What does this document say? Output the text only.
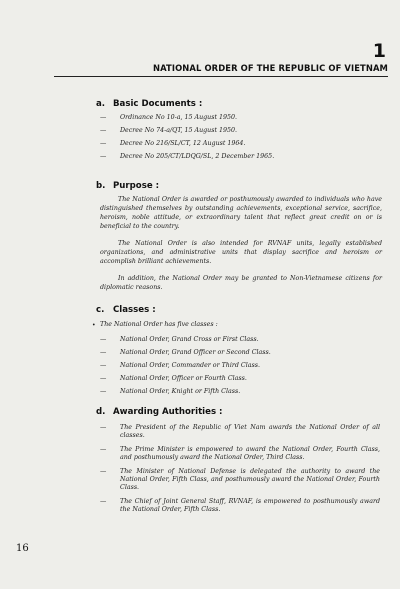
1
NATIONAL ORDER OF THE REPUBLIC OF VIETNAM
a. Basic Documents :
— Ordinance No 10-a, 15 August 1950.
— Decree No 74-a/QT, 15 August 1950.
— Decree No 216/SL/CT, 12 August 1964.
— Decree No 205/CT/LDQG/SL, 2 December 1965.
b. Purpose :

The National Order is awarded or posthumously awarded to individuals who have distinguished themselves by outstanding achievements, exceptional service, sacrifice, heroism, noble attitude, or extraordinary talent that reflect great credit on or is beneficial to the country.

The National Order is also intended for RVNAF units, legally established organizations, and administrative units that display sacrifice and heroism or accomplish brilliant achievements.

In addition, the National Order may be granted to Non-Vietnamese citizens for diplomatic reasons.

c. Classes :
• The National Order has five classes :

— National Order, Grand Cross or First Class.
— National Order, Grand Officer or Second Class.
— National Order, Commander or Third Class.
— National Order, Officer or Fourth Class.
— National Order, Knight or Fifth Class.
d. Awarding Authorities :
— The President of the Republic of Viet Nam awards the National Order of all classes.
— The Prime Minister is empowered to award the National Order, Fourth Class, and posthumously award the National Order, Third Class.
— The Minister of National Defense is delegated the authority to award the National Order, Fifth Class, and posthumously award the National Order, Fourth Class.
— The Chief of Joint General Staff, RVNAF, is empowered to posthumously award the National Order, Fifth Class.
16
